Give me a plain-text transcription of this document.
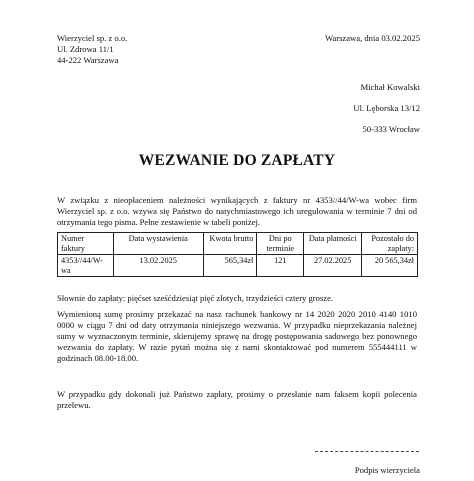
Wierzyciel sp. z o.o.
Ul. Zdrowa 11/1
44-222 Warszawa
Warszawa, dnia 03.02.2025
Michał Kowalski
Ul. Lęborska 13/12
50-333 Wrocław
WEZWANIE DO ZAPŁATY
W związku z nieopłaceniem należności wynikających z faktury nr 4353//44/W-wa wobec firm Wierzyciel sp. z o.o. wzywa się Państwo do natychmiastowego ich uregulowania w terminie 7 dni od otrzymania tego pisma. Pełne zestawienie w tabeli poniżej.
Numer faktury	Data wystawienia	Kwota brutto	Dni po terminie	Data płatności	Pozostało do zapłaty:
4353//44/W-wa	13.02.2025	565,34zł	121	27.02.2025	20 565,34zł
Słownie do zapłaty: pięćset sześćdziesiąt pięć złotych, trzydzieści cztery grosze.
Wymienioną sumę prosimy przekazać na nasz rachunek bankowy nr 14 2020 2020 2010 4140 1010 0000 w ciągu 7 dni od daty otrzymania niniejszego wezwania. W przypadku nieprzekazania należnej sumy w wyznaczonym terminie, skierujemy sprawę na drogę postępowania sadowego bez ponownego wezwania do zapłaty. W razie pytań można się z nami skontaktować pod numerem 555444111 w godzinach 08.00-18.00.
W przypadku gdy dokonali już Państwo zapłaty, prosimy o przesłanie nam faksem kopii polecenia przelewu.
Podpis wierzyciela
